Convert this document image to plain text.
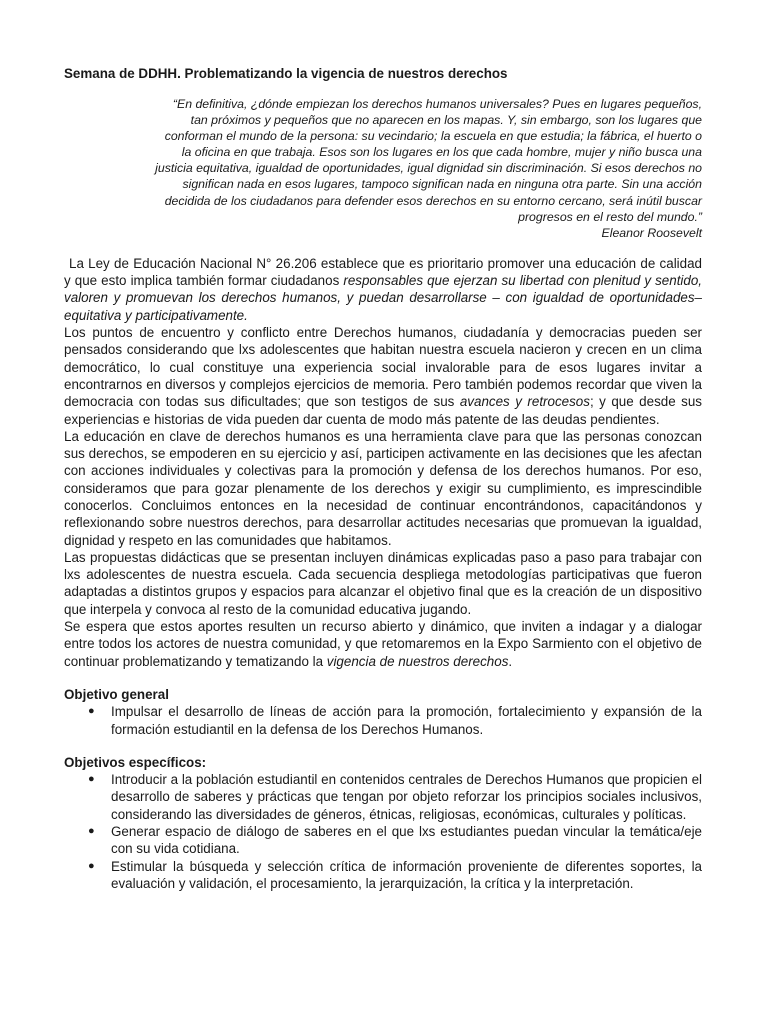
Semana de DDHH. Problematizando la vigencia de nuestros derechos
“En definitiva, ¿dónde empiezan los derechos humanos universales? Pues en lugares pequeños, tan próximos y pequeños que no aparecen en los mapas. Y, sin embargo, son los lugares que conforman el mundo de la persona: su vecindario; la escuela en que estudia; la fábrica, el huerto o la oficina en que trabaja. Esos son los lugares en los que cada hombre, mujer y niño busca una justicia equitativa, igualdad de oportunidades, igual dignidad sin discriminación. Si esos derechos no significan nada en esos lugares, tampoco significan nada en ninguna otra parte. Sin una acción decidida de los ciudadanos para defender esos derechos en su entorno cercano, será inútil buscar progresos en el resto del mundo.”
Eleanor Roosevelt

La Ley de Educación Nacional N° 26.206 establece que es prioritario promover una educación de calidad y que esto implica también formar ciudadanos responsables que ejerzan su libertad con plenitud y sentido, valoren y promuevan los derechos humanos, y puedan desarrollarse – con igualdad de oportunidades– equitativa y participativamente.

Los puntos de encuentro y conflicto entre Derechos humanos, ciudadanía y democracias pueden ser pensados considerando que lxs adolescentes que habitan nuestra escuela nacieron y crecen en un clima democrático, lo cual constituye una experiencia social invalorable para de esos lugares invitar a encontrarnos en diversos y complejos ejercicios de memoria. Pero también podemos recordar que viven la democracia con todas sus dificultades; que son testigos de sus avances y retrocesos; y que desde sus experiencias e historias de vida pueden dar cuenta de modo más patente de las deudas pendientes.

La educación en clave de derechos humanos es una herramienta clave para que las personas conozcan sus derechos, se empoderen en su ejercicio y así, participen activamente en las decisiones que les afectan con acciones individuales y colectivas para la promoción y defensa de los derechos humanos. Por eso, consideramos que para gozar plenamente de los derechos y exigir su cumplimiento, es imprescindible conocerlos. Concluimos entonces en la necesidad de continuar encontrándonos, capacitándonos y reflexionando sobre nuestros derechos, para desarrollar actitudes necesarias que promuevan la igualdad, dignidad y respeto en las comunidades que habitamos.

Las propuestas didácticas que se presentan incluyen dinámicas explicadas paso a paso para trabajar con lxs adolescentes de nuestra escuela. Cada secuencia despliega metodologías participativas que fueron adaptadas a distintos grupos y espacios para alcanzar el objetivo final que es la creación de un dispositivo que interpela y convoca al resto de la comunidad educativa jugando.

Se espera que estos aportes resulten un recurso abierto y dinámico, que inviten a indagar y a dialogar entre todos los actores de nuestra comunidad, y que retomaremos en la Expo Sarmiento con el objetivo de continuar problematizando y tematizando la vigencia de nuestros derechos.

Objetivo general
● Impulsar el desarrollo de líneas de acción para la promoción, fortalecimiento y expansión de la formación estudiantil en la defensa de los Derechos Humanos.
Objetivos específicos:
● Introducir a la población estudiantil en contenidos centrales de Derechos Humanos que propicien el desarrollo de saberes y prácticas que tengan por objeto reforzar los principios sociales inclusivos, considerando las diversidades de géneros, étnicas, religiosas, económicas, culturales y políticas.
● Generar espacio de diálogo de saberes en el que lxs estudiantes puedan vincular la temática/eje con su vida cotidiana.
● Estimular la búsqueda y selección crítica de información proveniente de diferentes soportes, la evaluación y validación, el procesamiento, la jerarquización, la crítica y la interpretación.
